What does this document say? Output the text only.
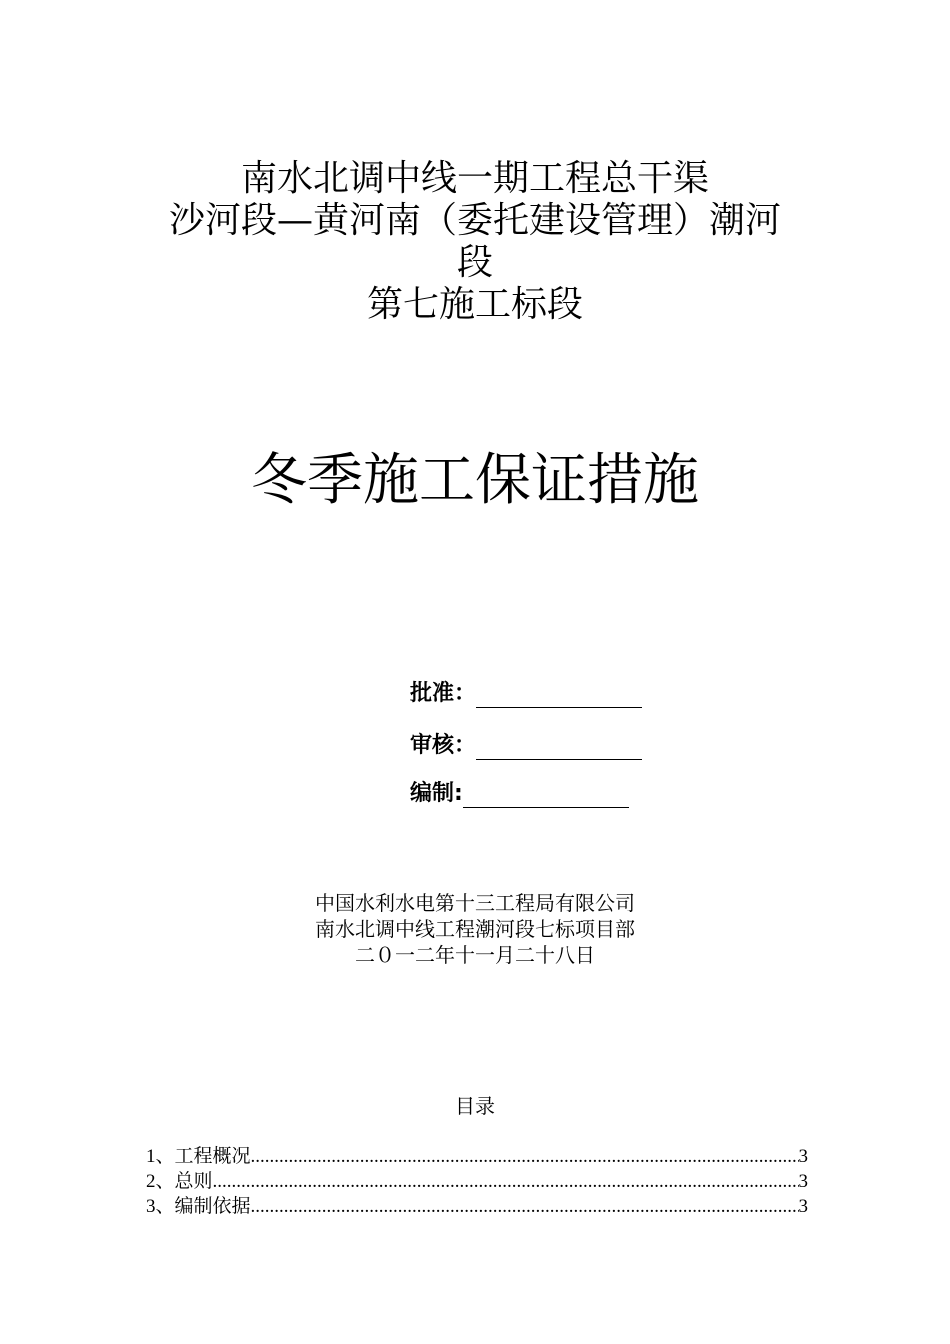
南水北调中线一期工程总干渠
沙河段—黄河南（委托建设管理）潮河
段
第七施工标段
冬季施工保证措施
批准：
审核：
编制:
中国水利水电第十三工程局有限公司
南水北调中线工程潮河段七标项目部
二０一二年十一月二十八日
目录
1、工程概况 .....	3
2、总则 .....	3
3、编制依据 .....	3
